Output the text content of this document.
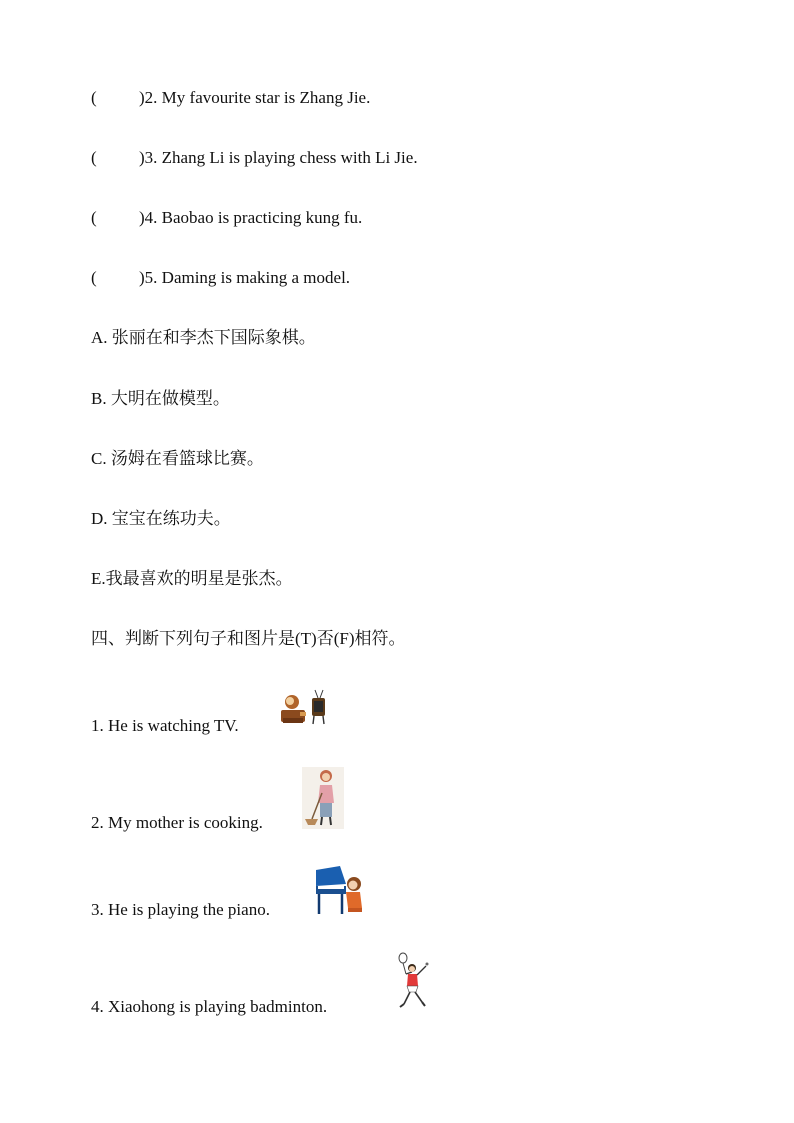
( )2. My favourite star is Zhang Jie.
( )3. Zhang Li is playing chess with Li Jie.
( )4. Baobao is practicing kung fu.
( )5. Daming is making a model.
A. 张丽在和李杰下国际象棋。
B. 大明在做模型。
C. 汤姆在看篮球比赛。
D. 宝宝在练功夫。
E.我最喜欢的明星是张杰。
四、判断下列句子和图片是(T)否(F)相符。
1. He is watching TV.
2. My mother is cooking.
3. He is playing the piano.
4. Xiaohong is playing badminton.
